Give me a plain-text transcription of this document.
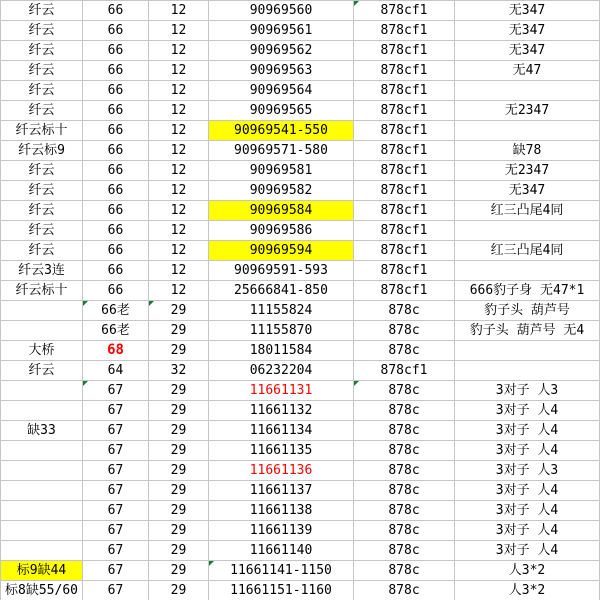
纤云	66	12	90969560	878cf1	无347
纤云	66	12	90969561	878cf1	无347
纤云	66	12	90969562	878cf1	无347
纤云	66	12	90969563	878cf1	无47
纤云	66	12	90969564	878cf1	
纤云	66	12	90969565	878cf1	无2347
纤云标十	66	12	90969541-550	878cf1	
纤云标9	66	12	90969571-580	878cf1	缺78
纤云	66	12	90969581	878cf1	无2347
纤云	66	12	90969582	878cf1	无347
纤云	66	12	90969584	878cf1	红三凸尾4同
纤云	66	12	90969586	878cf1	
纤云	66	12	90969594	878cf1	红三凸尾4同
纤云3连	66	12	90969591-593	878cf1	
纤云标十	66	12	25666841-850	878cf1	666豹子身 无47*1
	66老	29	11155824	878c	豹子头 葫芦号
	66老	29	11155870	878c	豹子头 葫芦号 无4
大桥	68	29	18011584	878c	
纤云	64	32	06232204	878cf1	
	67	29	11661131	878c	3对子 人3
	67	29	11661132	878c	3对子 人4
缺33	67	29	11661134	878c	3对子 人4
	67	29	11661135	878c	3对子 人4
	67	29	11661136	878c	3对子 人3
	67	29	11661137	878c	3对子 人4
	67	29	11661138	878c	3对子 人4
	67	29	11661139	878c	3对子 人4
	67	29	11661140	878c	3对子 人4
标9缺44	67	29	11661141-1150	878c	人3*2
标8缺55/60	67	29	11661151-1160	878c	人3*2
